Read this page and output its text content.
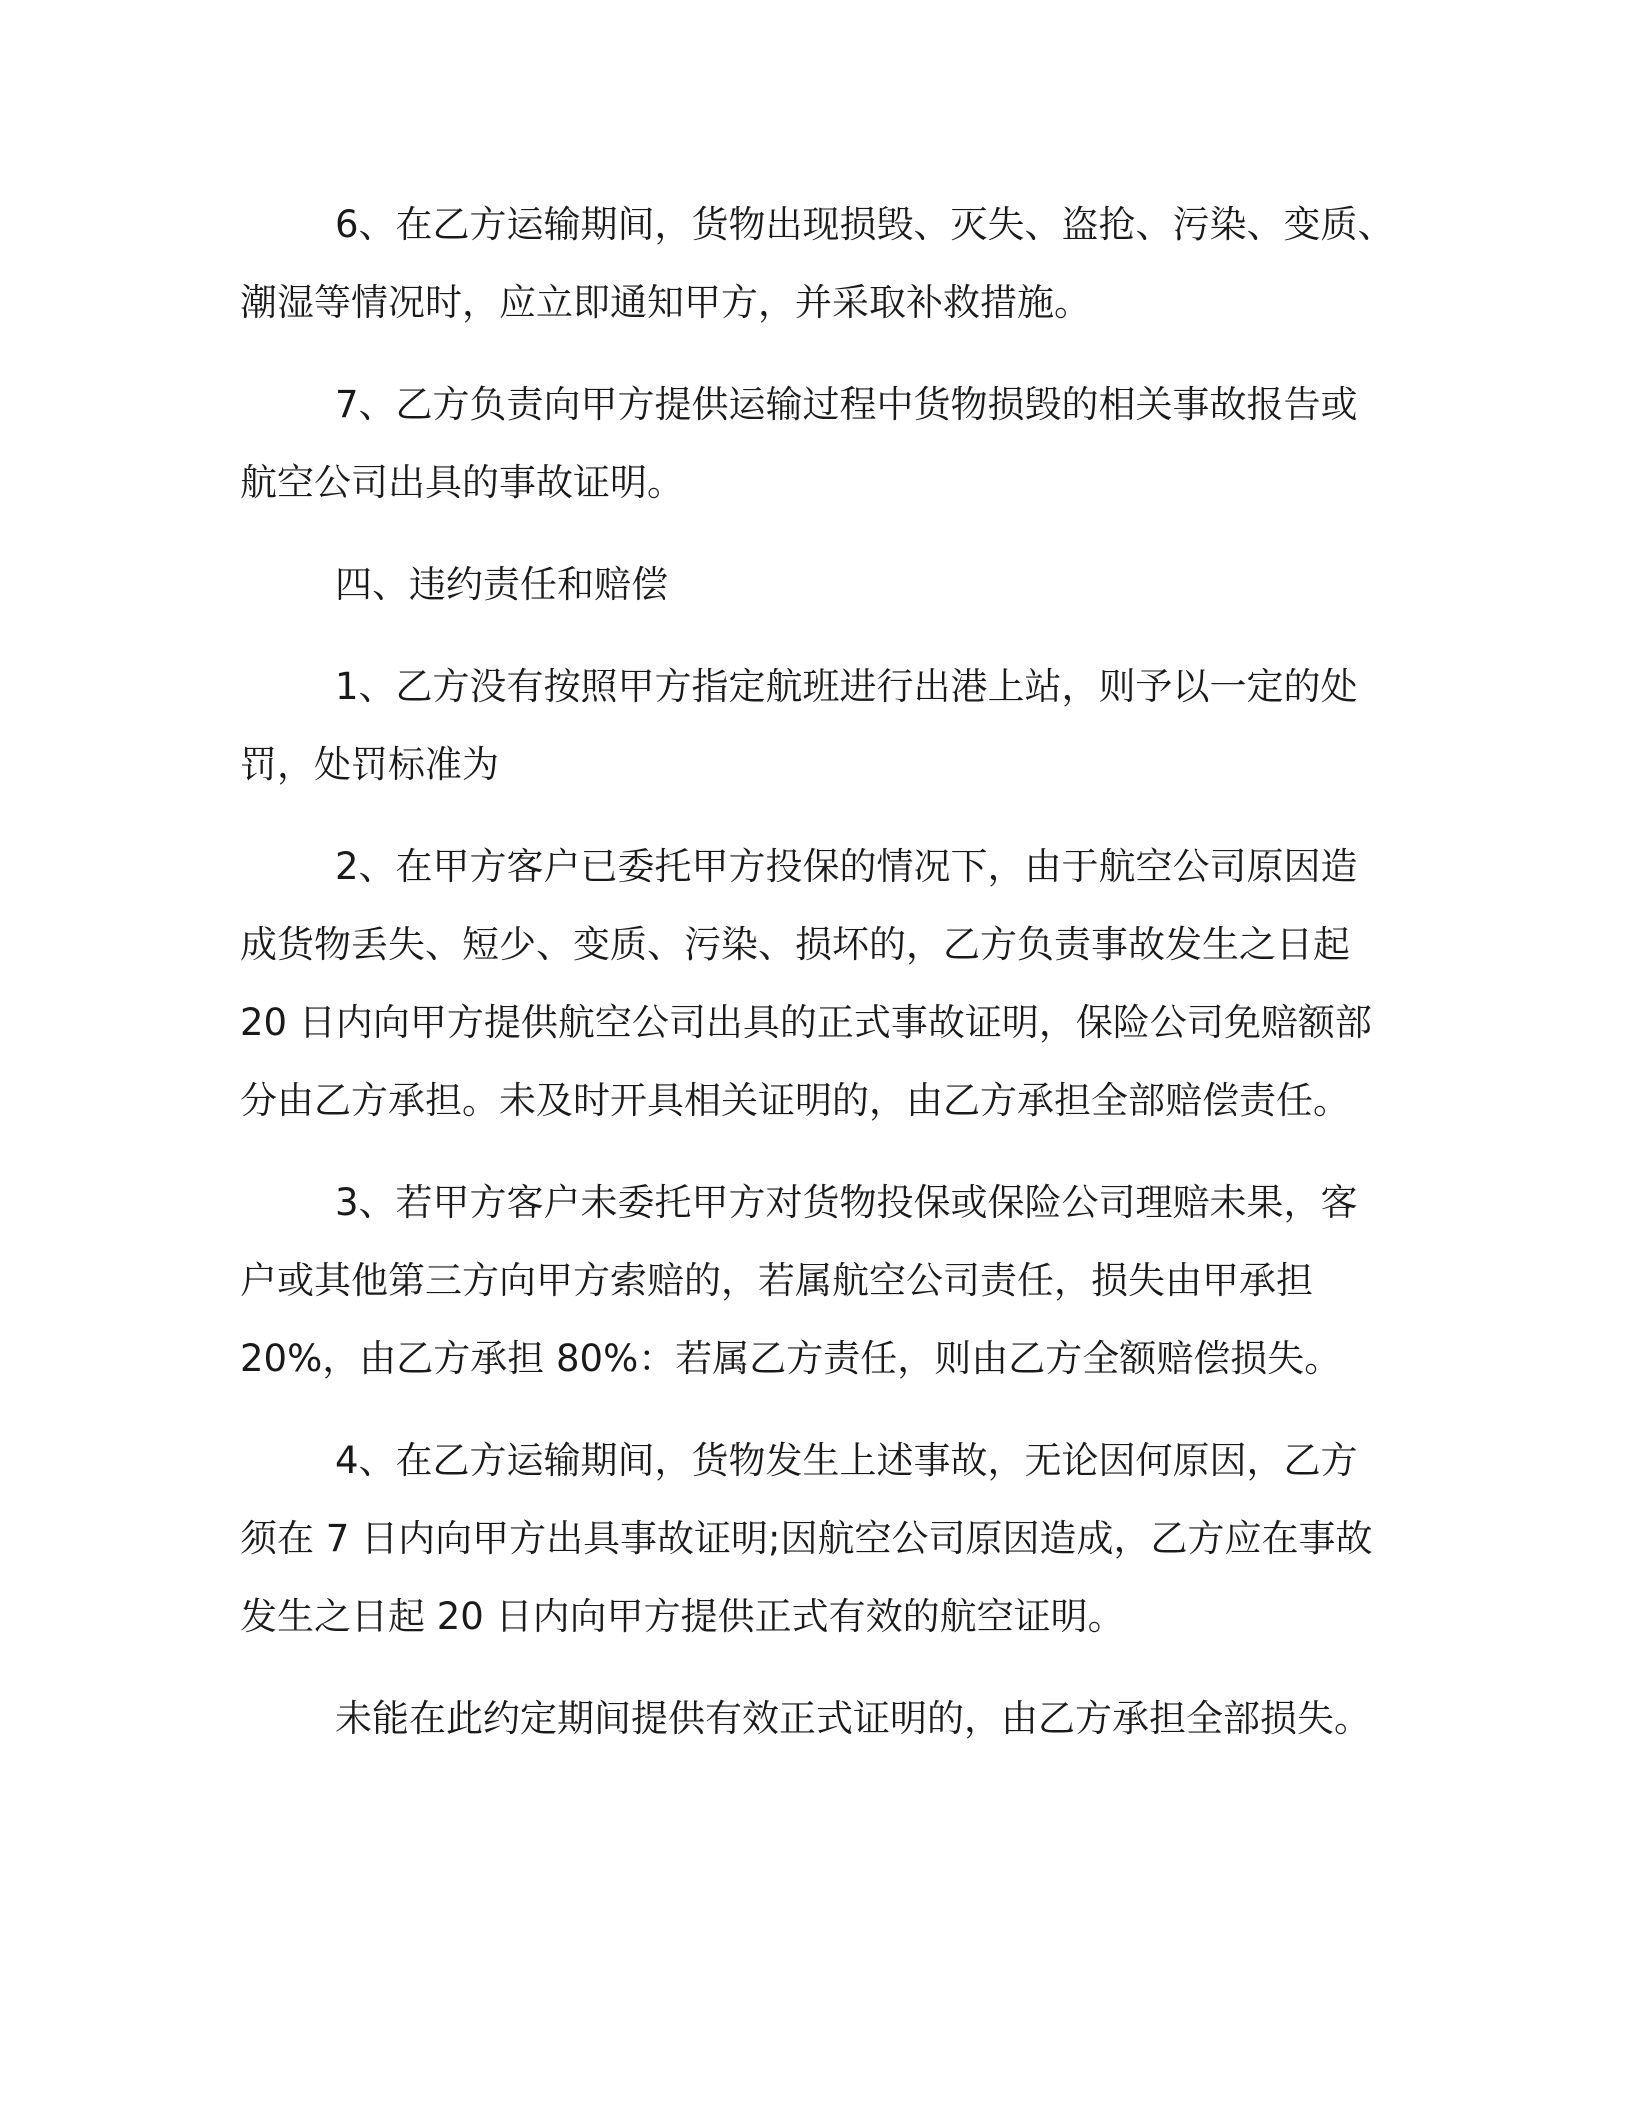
6、在乙方运输期间，货物出现损毁、灭失、盗抢、污染、变质、
潮湿等情况时，应立即通知甲方，并采取补救措施。
7、乙方负责向甲方提供运输过程中货物损毁的相关事故报告或
航空公司出具的事故证明。
四、违约责任和赔偿
1、乙方没有按照甲方指定航班进行出港上站，则予以一定的处
罚，处罚标准为
2、在甲方客户已委托甲方投保的情况下，由于航空公司原因造
成货物丢失、短少、变质、污染、损坏的，乙方负责事故发生之日起
20 日内向甲方提供航空公司出具的正式事故证明，保险公司免赔额部
分由乙方承担。未及时开具相关证明的，由乙方承担全部赔偿责任。
3、若甲方客户未委托甲方对货物投保或保险公司理赔未果，客
户或其他第三方向甲方索赔的，若属航空公司责任，损失由甲承担
20%，由乙方承担 80%：若属乙方责任，则由乙方全额赔偿损失。
4、在乙方运输期间，货物发生上述事故，无论因何原因，乙方
须在 7 日内向甲方出具事故证明;因航空公司原因造成，乙方应在事故
发生之日起 20 日内向甲方提供正式有效的航空证明。
未能在此约定期间提供有效正式证明的，由乙方承担全部损失。
